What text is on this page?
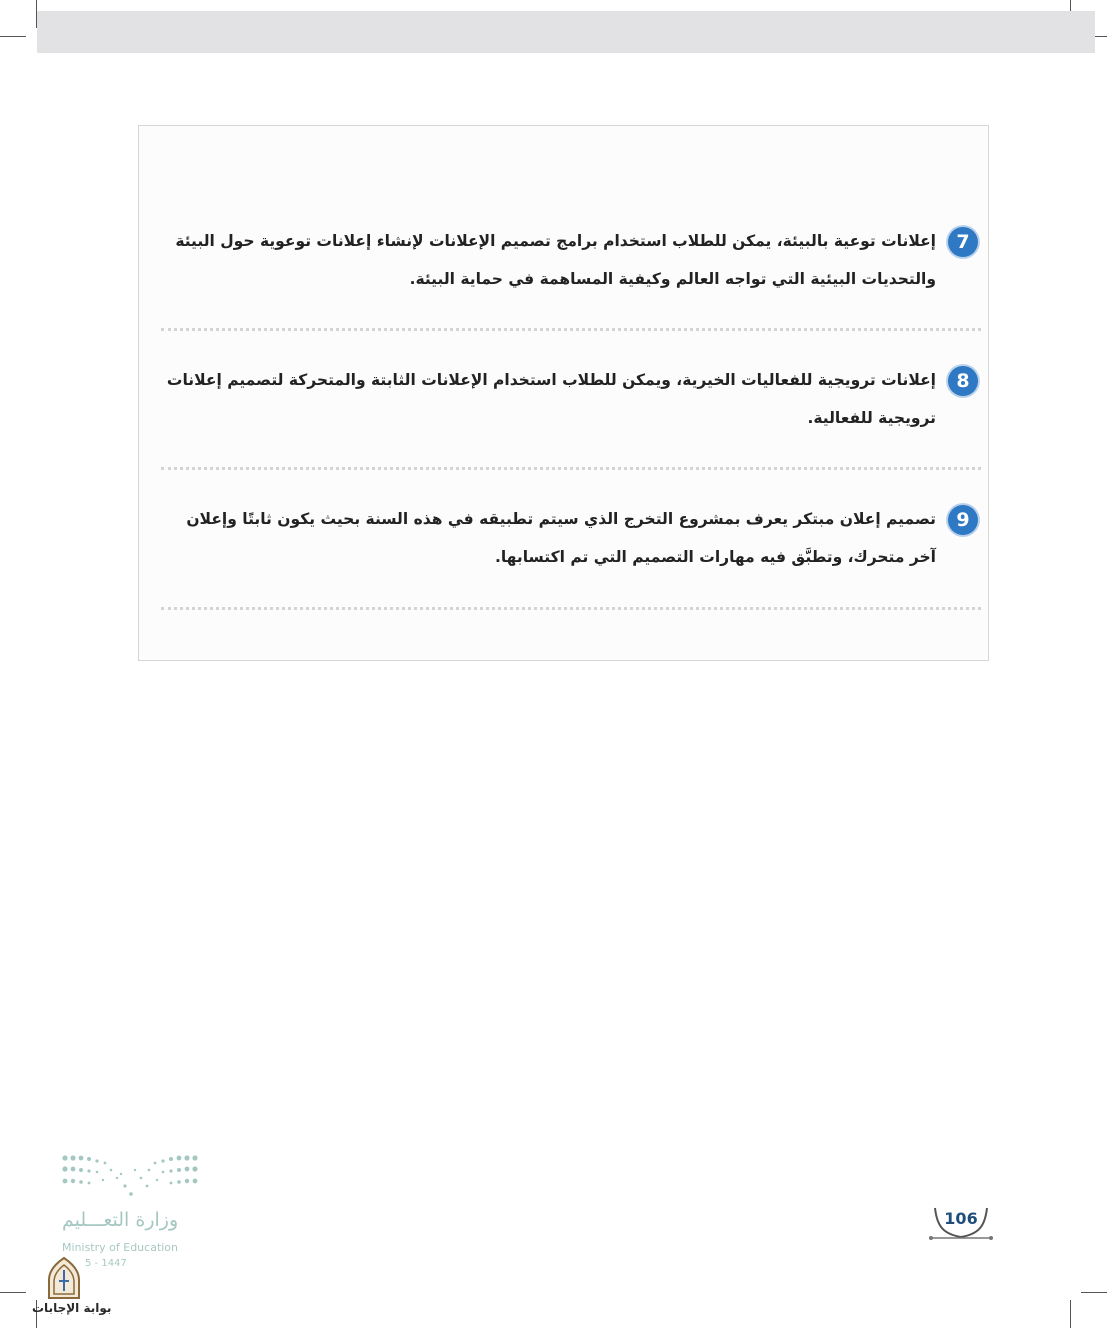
7
إعلانات توعية بالبيئة، يمكن للطلاب استخدام برامج تصميم الإعلانات لإنشاء إعلانات توعوية حول البيئة والتحديات البيئية التي تواجه العالم وكيفية المساهمة في حماية البيئة.
8
إعلانات ترويجية للفعاليات الخيرية، ويمكن للطلاب استخدام الإعلانات الثابتة والمتحركة لتصميم إعلانات ترويجية للفعالية.
9
تصميم إعلان مبتكر يعرف بمشروع التخرج الذي سيتم تطبيقه في هذه السنة بحيث يكون ثابتًا وإعلان آخر متحرك، وتطبَّق فيه مهارات التصميم التي تم اكتسابها.
وزارة التعـــليم
Ministry of Education
5 - 1447
بوابة الإجابات
106
